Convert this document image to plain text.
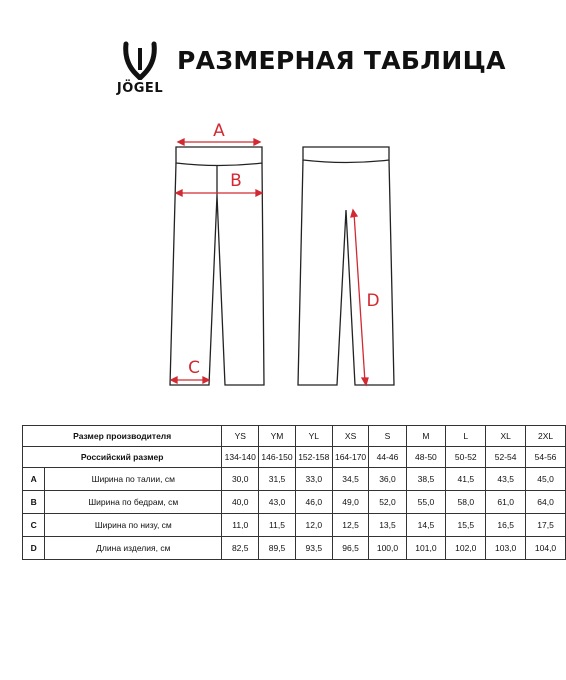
JÖGEL
РАЗМЕРНАЯ ТАБЛИЦА
A
B
C
D
Размер производителя		YS	YM	YL	XS	S	M	L	XL	2XL
Российский размер		134-140	146-150	152-158	164-170	44-46	48-50	50-52	52-54	54-56
A	Ширина по талии, см	30,0	31,5	33,0	34,5	36,0	38,5	41,5	43,5	45,0
B	Ширина по бедрам, см	40,0	43,0	46,0	49,0	52,0	55,0	58,0	61,0	64,0
C	Ширина по низу, см	11,0	11,5	12,0	12,5	13,5	14,5	15,5	16,5	17,5
D	Длина изделия, см	82,5	89,5	93,5	96,5	100,0	101,0	102,0	103,0	104,0
